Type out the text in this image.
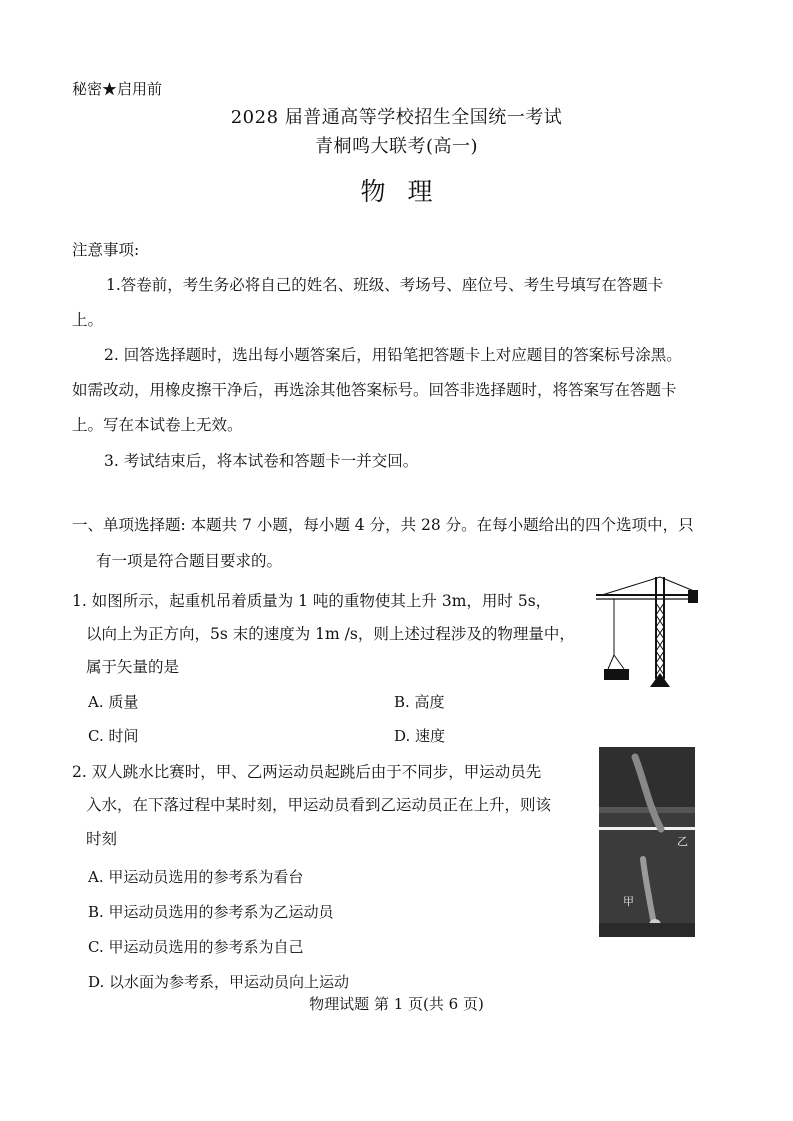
秘密★启用前
2028 届普通高等学校招生全国统一考试
青桐鸣大联考(高一)
物理
注意事项:
1.答卷前，考生务必将自己的姓名、班级、考场号、座位号、考生号填写在答题卡
上。
2. 回答选择题时，选出每小题答案后，用铅笔把答题卡上对应题目的答案标号涂黑。
如需改动，用橡皮擦干净后，再选涂其他答案标号。回答非选择题时，将答案写在答题卡
上。写在本试卷上无效。
3. 考试结束后，将本试卷和答题卡一并交回。
一、单项选择题: 本题共 7 小题，每小题 4 分，共 28 分。在每小题给出的四个选项中，只
有一项是符合题目要求的。
1. 如图所示，起重机吊着质量为 1 吨的重物使其上升 3m，用时 5s，
以向上为正方向，5s 末的速度为 1m /s，则上述过程涉及的物理量中，
属于矢量的是
A. 质量	B. 高度
C. 时间	D. 速度
2. 双人跳水比赛时，甲、乙两运动员起跳后由于不同步，甲运动员先
入水，在下落过程中某时刻，甲运动员看到乙运动员正在上升，则该
时刻
A. 甲运动员选用的参考系为看台
B. 甲运动员选用的参考系为乙运动员
C. 甲运动员选用的参考系为自己
D. 以水面为参考系，甲运动员向上运动
乙
甲
物理试题 第 1 页(共 6 页)
